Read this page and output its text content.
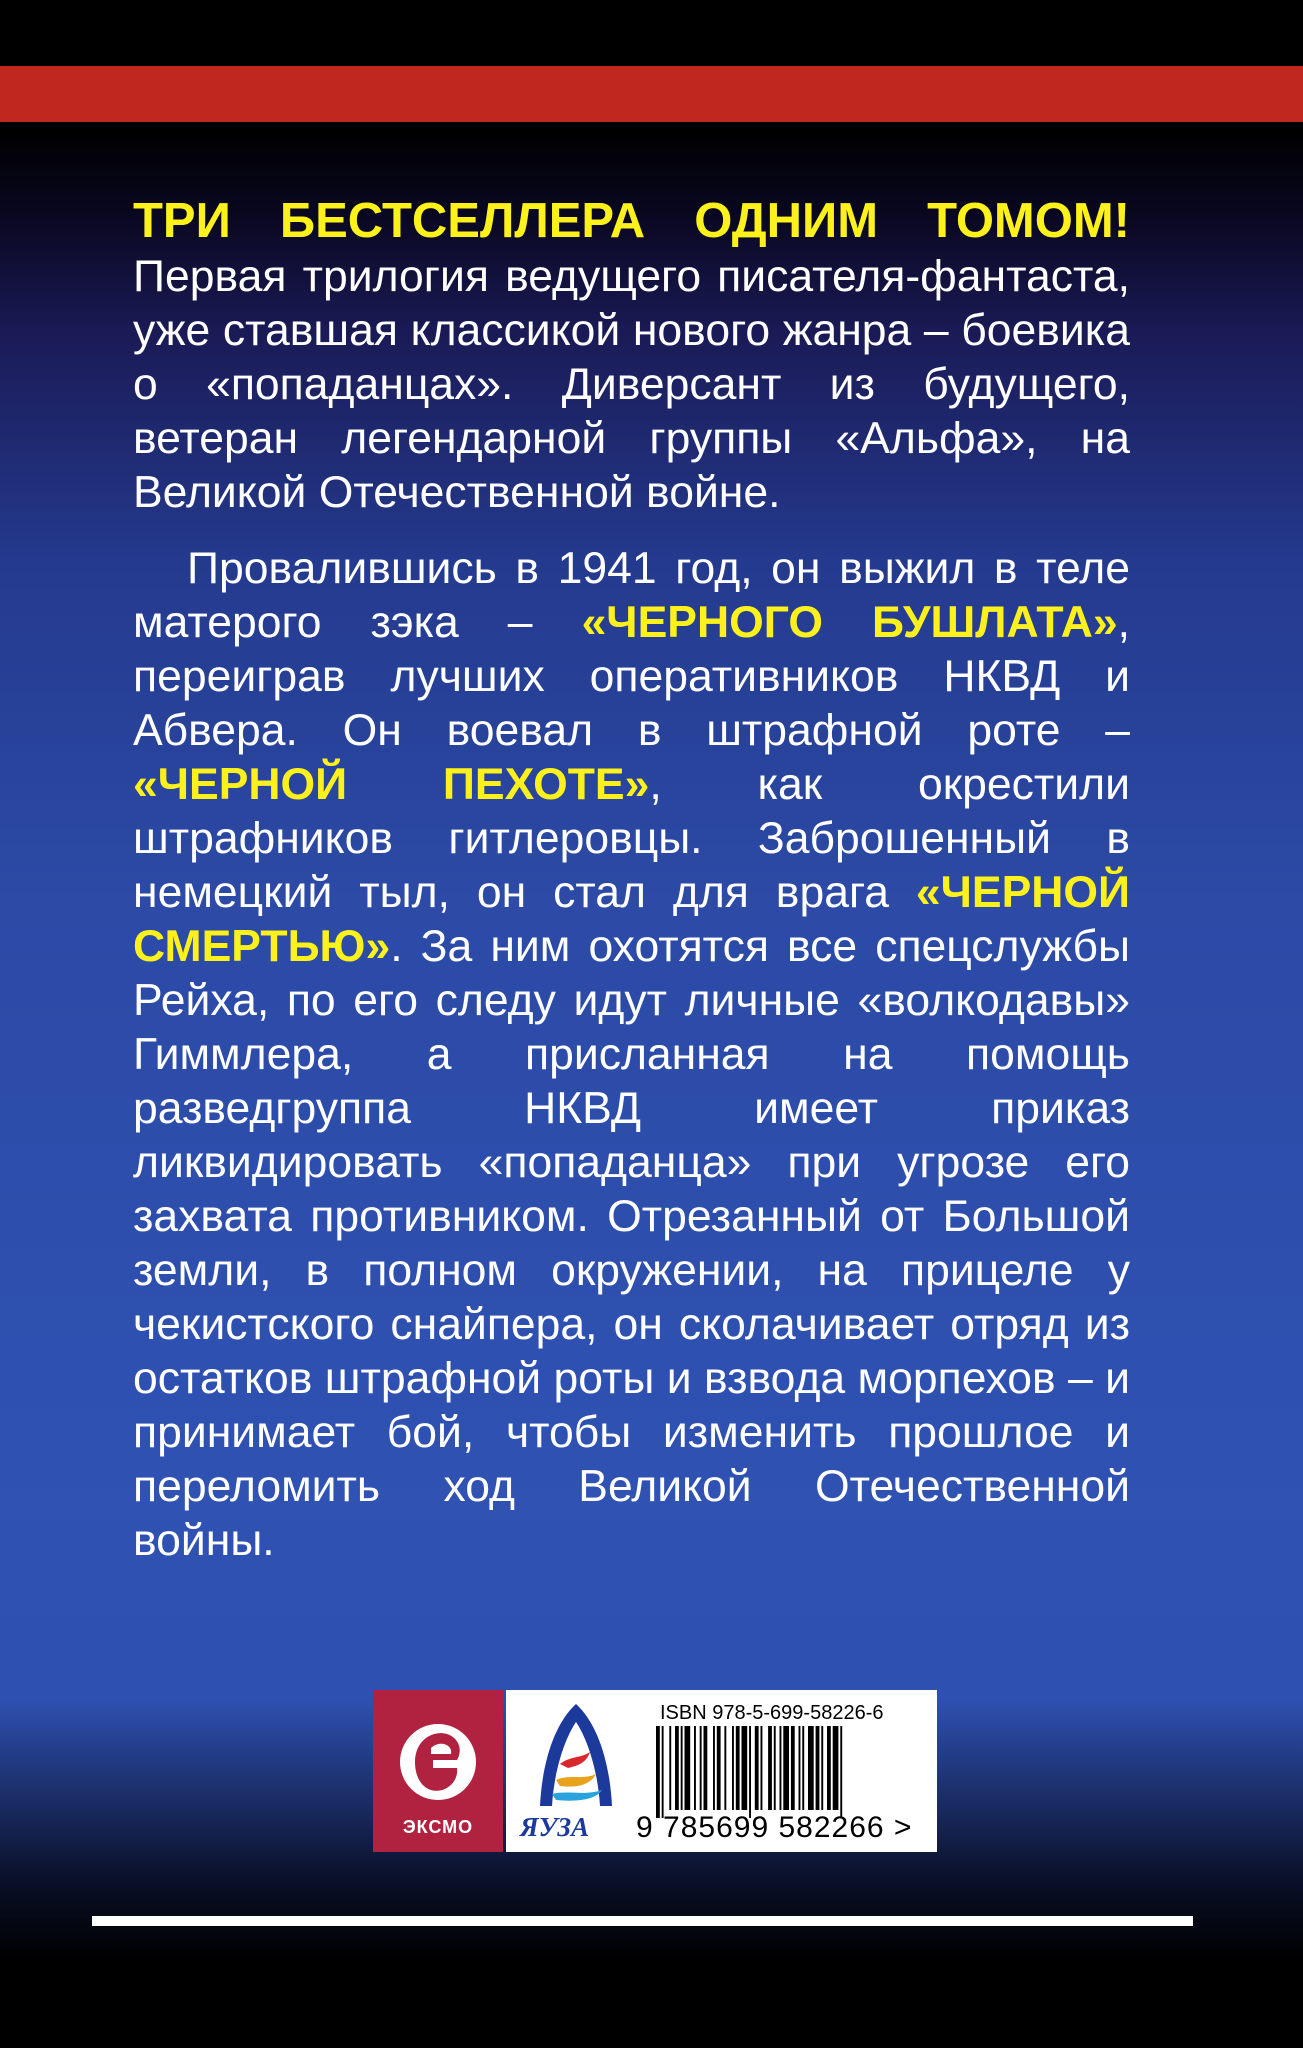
ТРИ БЕСТСЕЛЛЕРА ОДНИМ ТОМОМ!

Первая трилогия ведущего писателя-фантаста, уже ставшая классикой нового жанра – боевика о «попаданцах». Диверсант из будущего, ветеран легендарной группы «Альфа», на Великой Отечественной войне.

Провалившись в 1941 год, он выжил в теле матерого зэка – «ЧЕРНОГО БУШЛАТА», переиграв лучших оперативников НКВД и Абвера. Он воевал в штрафной роте – «ЧЕРНОЙ ПЕХОТЕ», как окрестили штрафников гитлеровцы. Заброшенный в немецкий тыл, он стал для врага «ЧЕРНОЙ СМЕРТЬЮ». За ним охотятся все спецслужбы Рейха, по его следу идут личные «волкодавы» Гиммлера, а присланная на помощь разведгруппа НКВД имеет приказ ликвидировать «попаданца» при угрозе его захвата противником. Отрезанный от Большой земли, в полном окружении, на прицеле у чекистского снайпера, он сколачивает отряд из остатков штрафной роты и взвода морпехов – и принимает бой, чтобы изменить прошлое и переломить ход Великой Отечественной войны.

ЭКСМО	ЯУЗА
ISBN 978-5-699-58226-6
9 785699 582266 >
